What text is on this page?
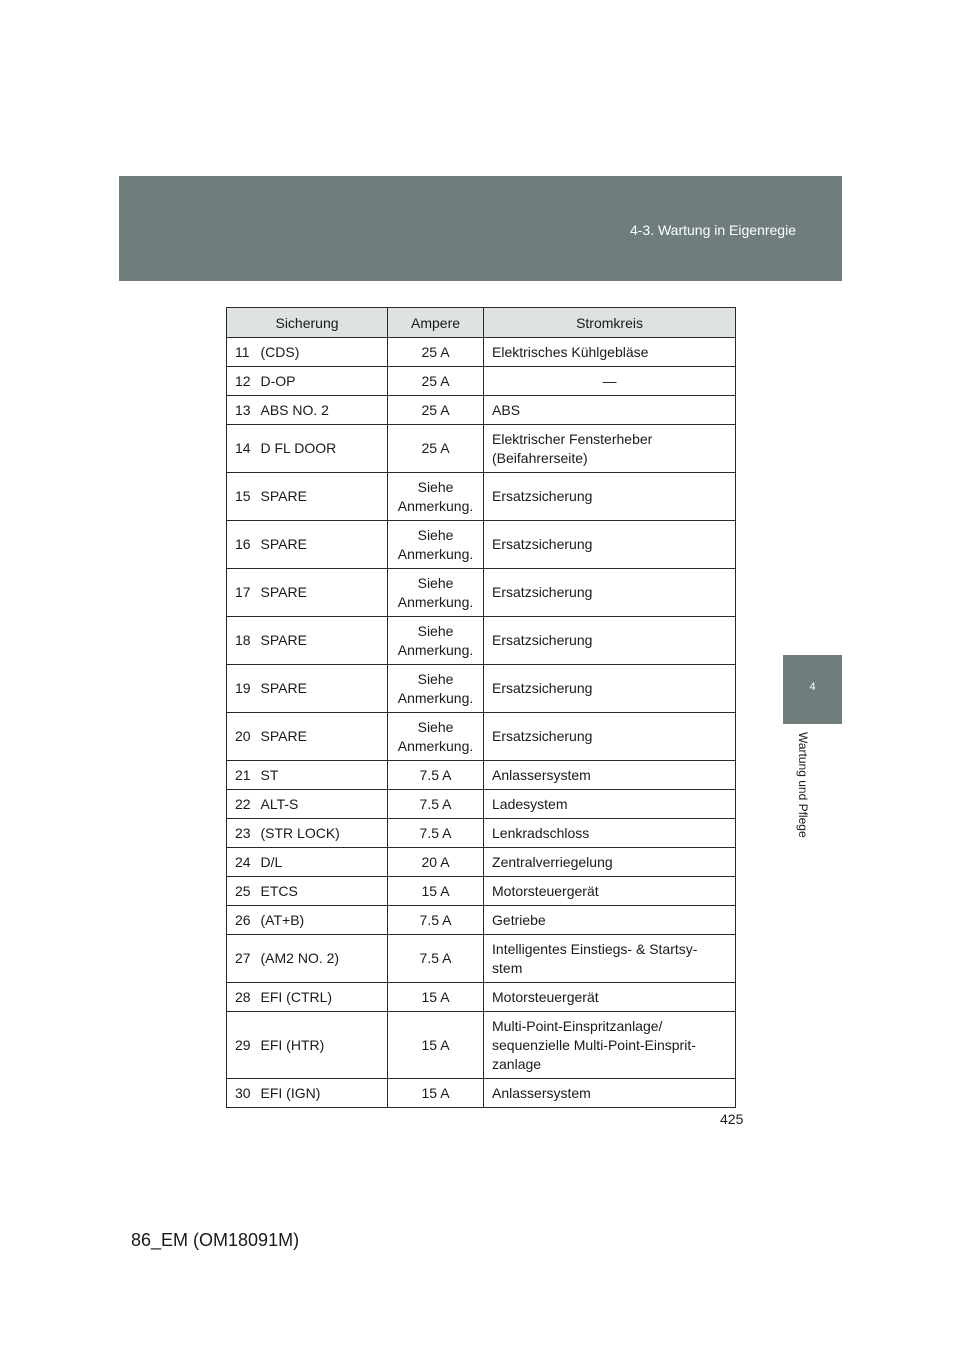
4-3. Wartung in Eigenregie
4
Wartung und Pflege
Sicherung		Ampere	Stromkreis
11	(CDS)	25 A	Elektrisches Kühlgebläse
12	D-OP	25 A	—
13	ABS NO. 2	25 A	ABS
14	D FL DOOR	25 A	Elektrischer Fensterheber (Beifahrerseite)
15	SPARE	Siehe Anmerkung.	Ersatzsicherung
16	SPARE	Siehe Anmerkung.	Ersatzsicherung
17	SPARE	Siehe Anmerkung.	Ersatzsicherung
18	SPARE	Siehe Anmerkung.	Ersatzsicherung
19	SPARE	Siehe Anmerkung.	Ersatzsicherung
20	SPARE	Siehe Anmerkung.	Ersatzsicherung
21	ST	7.5 A	Anlassersystem
22	ALT-S	7.5 A	Ladesystem
23	(STR LOCK)	7.5 A	Lenkradschloss
24	D/L	20 A	Zentralverriegelung
25	ETCS	15 A	Motorsteuergerät
26	(AT+B)	7.5 A	Getriebe
27	(AM2 NO. 2)	7.5 A	Intelligentes Einstiegs- & Startsy-stem
28	EFI (CTRL)	15 A	Motorsteuergerät
29	EFI (HTR)	15 A	Multi-Point-Einspritzanlage/ sequenzielle Multi-Point-Einsprit-zanlage
30	EFI (IGN)	15 A	Anlassersystem
425
86_EM (OM18091M)
